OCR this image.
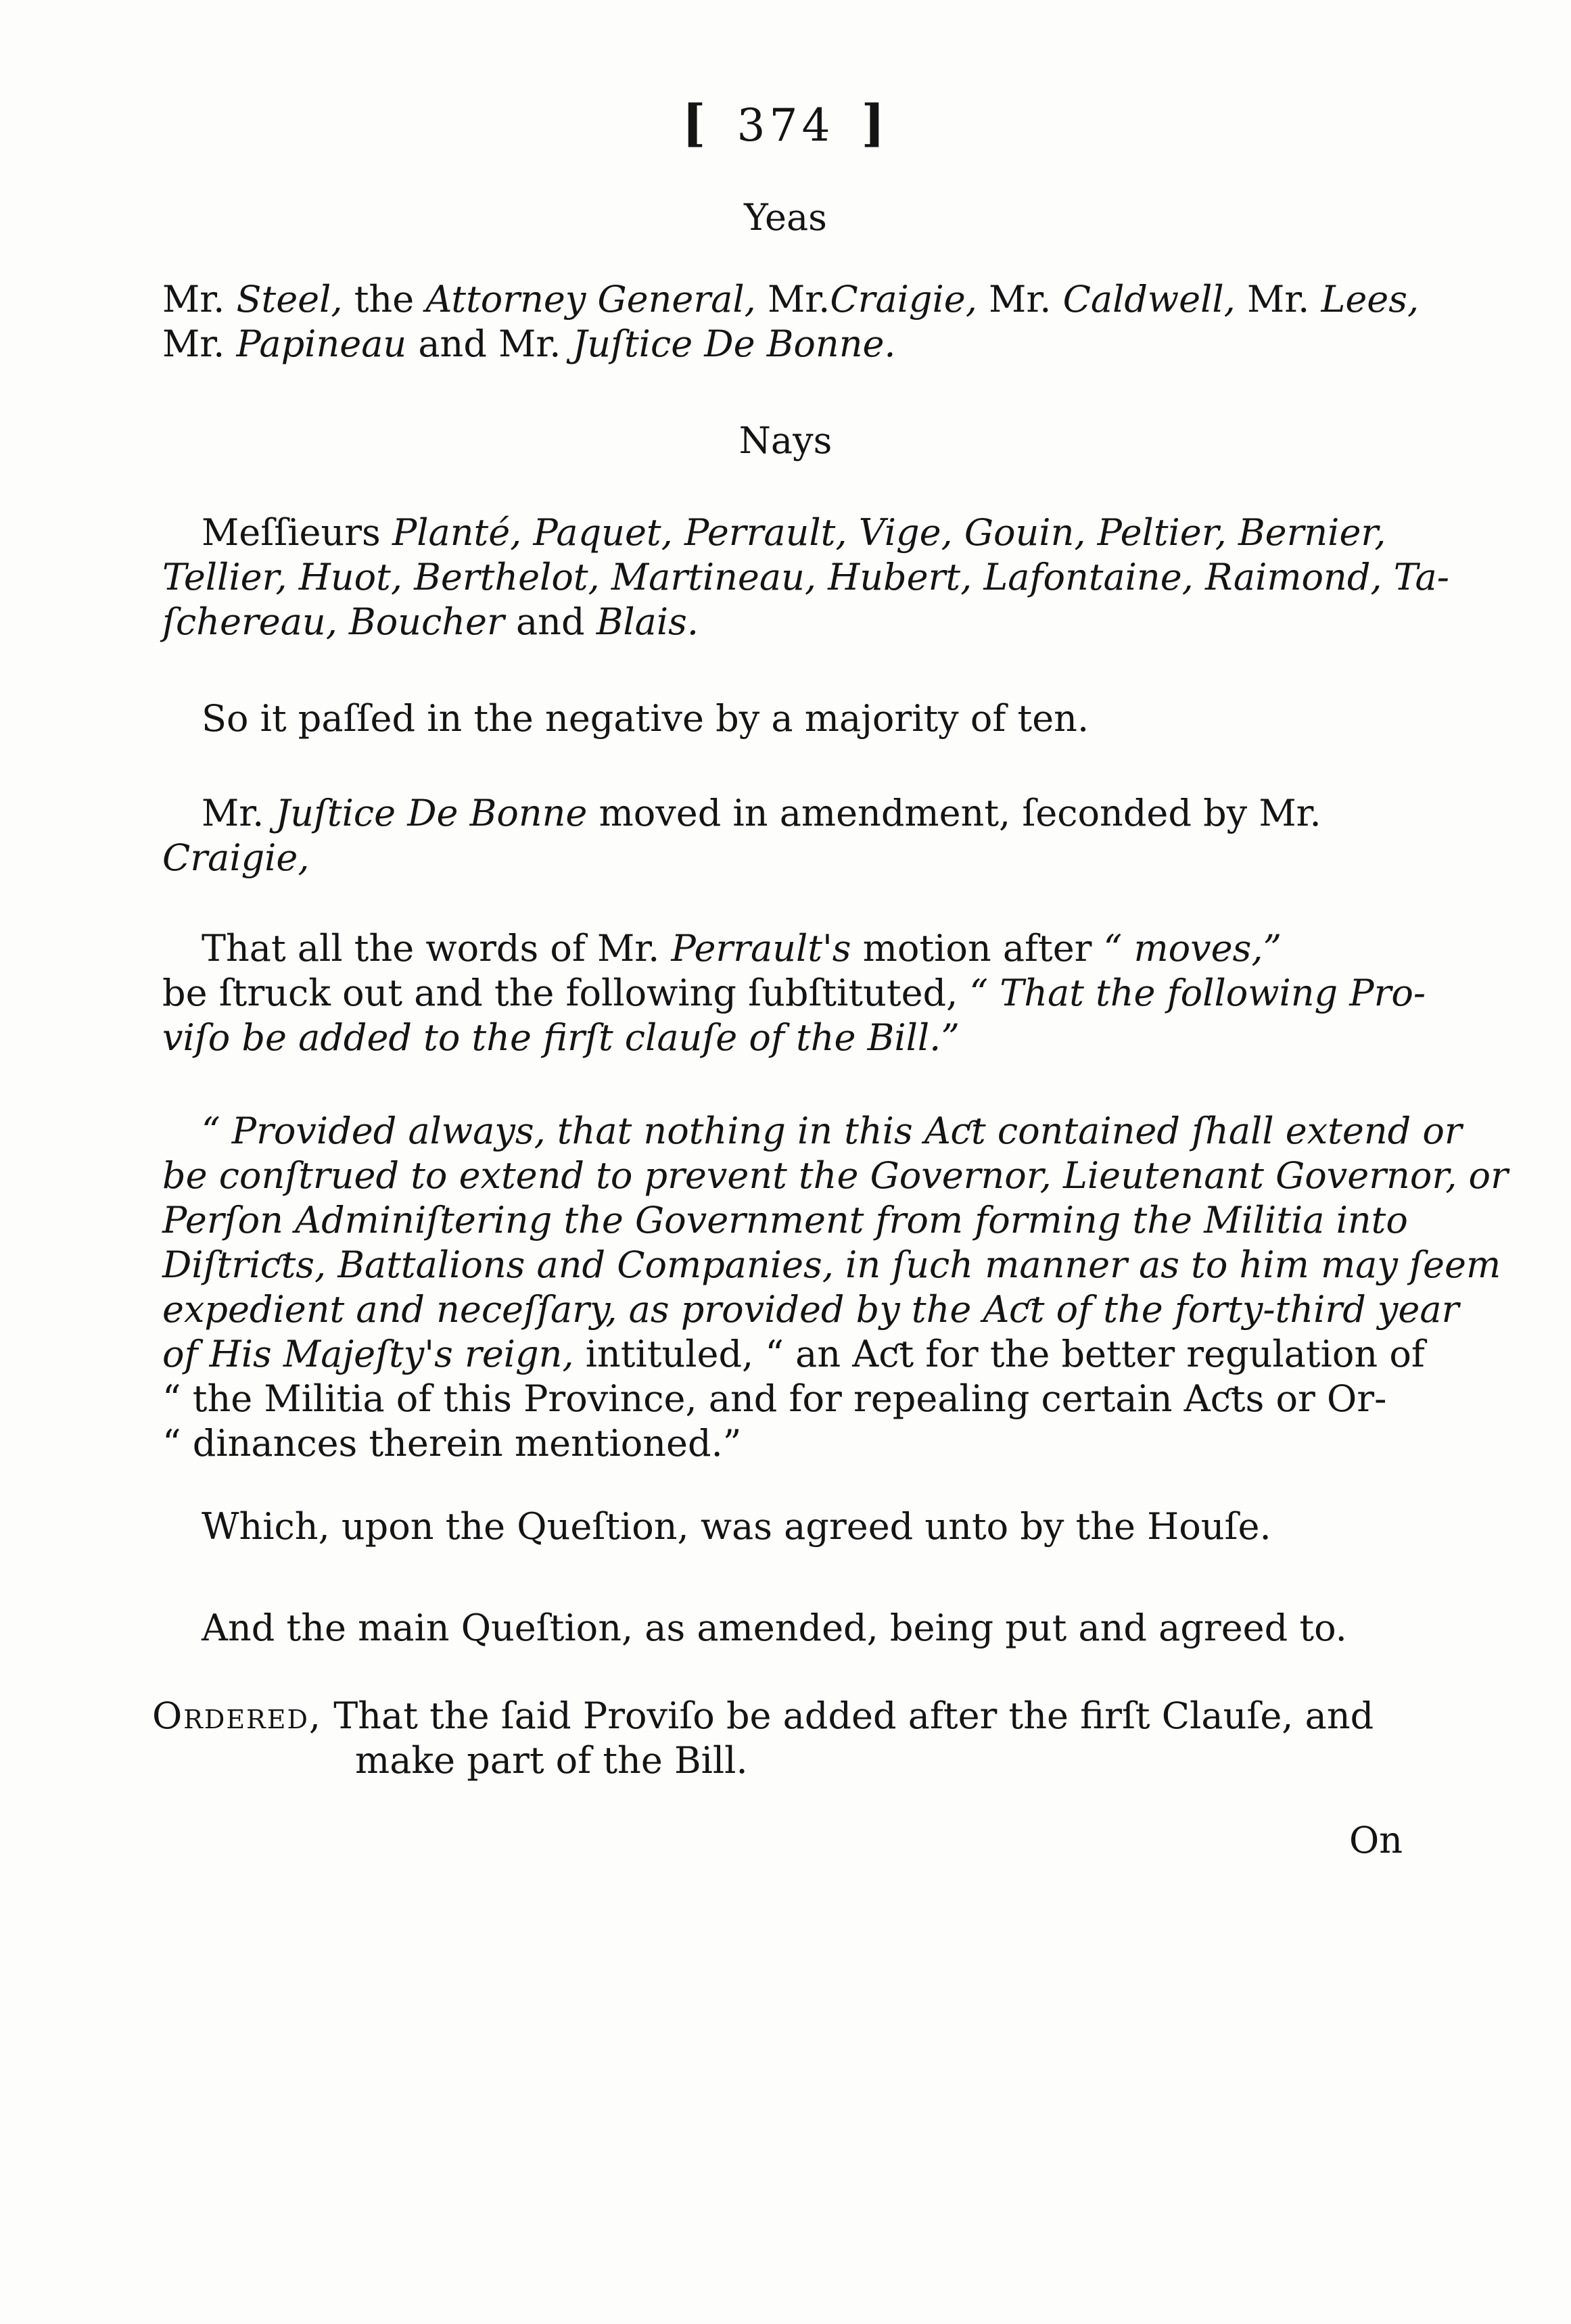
[ 374 ]
Yeas
Mr. Steel, the Attorney General, Mr.Craigie, Mr. Caldwell, Mr. Lees,
Mr. Papineau and Mr. Juſtice De Bonne.
Nays
Meſſieurs Planté, Paquet, Perrault, Vige, Gouin, Peltier, Bernier,
Tellier, Huot, Berthelot, Martineau, Hubert, Lafontaine, Raimond, Ta-
ſchereau, Boucher and Blais.
So it paſſed in the negative by a majority of ten.
Mr. Juſtice De Bonne moved in amendment, ſeconded by Mr.
Craigie,
That all the words of Mr. Perrault's motion after “ moves,”
be ſtruck out and the following ſubſtituted, “ That the following Pro-
viſo be added to the firſt clauſe of the Bill.”
“ Provided always, that nothing in this Aƈt contained ſhall extend or
be conſtrued to extend to prevent the Governor, Lieutenant Governor, or
Perſon Adminiſtering the Government from forming the Militia into
Diſtriƈts, Battalions and Companies, in ſuch manner as to him may ſeem
expedient and neceſſary, as provided by the Aƈt of the forty-third year
of His Majeſty's reign, intituled, “ an Aƈt for the better regulation of
“ the Militia of this Province, and for repealing certain Aƈts or Or-
“ dinances therein mentioned.”
Which, upon the Queſtion, was agreed unto by the Houſe.
And the main Queſtion, as amended, being put and agreed to.
Ordered, That the ſaid Proviſo be added after the firſt Clauſe, and
make part of the Bill.
On
